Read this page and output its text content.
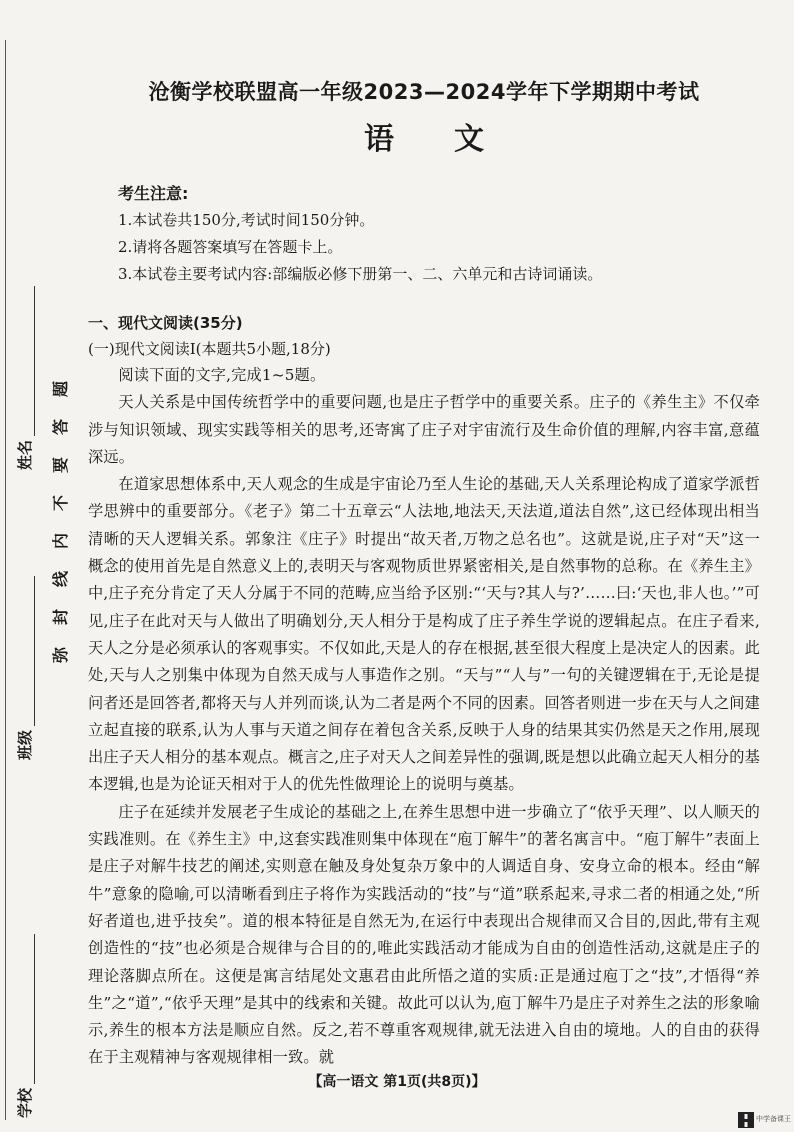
题
答
要
不
内
线
封
弥
学校
班级
姓名
沧衡学校联盟高一年级2023—2024学年下学期期中考试
语文
考生注意:
1.本试卷共150分,考试时间150分钟。
2.请将各题答案填写在答题卡上。
3.本试卷主要考试内容:部编版必修下册第一、二、六单元和古诗词诵读。
一、现代文阅读(35分)
(一)现代文阅读Ⅰ(本题共5小题,18分)

阅读下面的文字,完成1~5题。

天人关系是中国传统哲学中的重要问题,也是庄子哲学中的重要关系。庄子的《养生主》不仅牵涉与知识领域、现实实践等相关的思考,还寄寓了庄子对宇宙流行及生命价值的理解,内容丰富,意蕴深远。

在道家思想体系中,天人观念的生成是宇宙论乃至人生论的基础,天人关系理论构成了道家学派哲学思辨中的重要部分。《老子》第二十五章云“人法地,地法天,天法道,道法自然”,这已经体现出相当清晰的天人逻辑关系。郭象注《庄子》时提出“故天者,万物之总名也”。这就是说,庄子对“天”这一概念的使用首先是自然意义上的,表明天与客观物质世界紧密相关,是自然事物的总称。在《养生主》中,庄子充分肯定了天人分属于不同的范畴,应当给予区别:“‘天与?其人与?’……曰:‘天也,非人也。’”可见,庄子在此对天与人做出了明确划分,天人相分于是构成了庄子养生学说的逻辑起点。在庄子看来,天人之分是必须承认的客观事实。不仅如此,天是人的存在根据,甚至很大程度上是决定人的因素。此处,天与人之别集中体现为自然天成与人事造作之别。“天与”“人与”一句的关键逻辑在于,无论是提问者还是回答者,都将天与人并列而谈,认为二者是两个不同的因素。回答者则进一步在天与人之间建立起直接的联系,认为人事与天道之间存在着包含关系,反映于人身的结果其实仍然是天之作用,展现出庄子天人相分的基本观点。概言之,庄子对天人之间差异性的强调,既是想以此确立起天人相分的基本逻辑,也是为论证天相对于人的优先性做理论上的说明与奠基。

庄子在延续并发展老子生成论的基础之上,在养生思想中进一步确立了“依乎天理”、以人顺天的实践准则。在《养生主》中,这套实践准则集中体现在“庖丁解牛”的著名寓言中。“庖丁解牛”表面上是庄子对解牛技艺的阐述,实则意在触及身处复杂万象中的人调适自身、安身立命的根本。经由“解牛”意象的隐喻,可以清晰看到庄子将作为实践活动的“技”与“道”联系起来,寻求二者的相通之处,“所好者道也,进乎技矣”。道的根本特征是自然无为,在运行中表现出合规律而又合目的,因此,带有主观创造性的“技”也必须是合规律与合目的的,唯此实践活动才能成为自由的创造性活动,这就是庄子的理论落脚点所在。这便是寓言结尾处文惠君由此所悟之道的实质:正是通过庖丁之“技”,才悟得“养生”之“道”,“依乎天理”是其中的线索和关键。故此可以认为,庖丁解牛乃是庄子对养生之法的形象喻示,养生的根本方法是顺应自然。反之,若不尊重客观规律,就无法进入自由的境地。人的自由的获得在于主观精神与客观规律相一致。就

【高一语文 第1页(共8页)】
中学备课王
